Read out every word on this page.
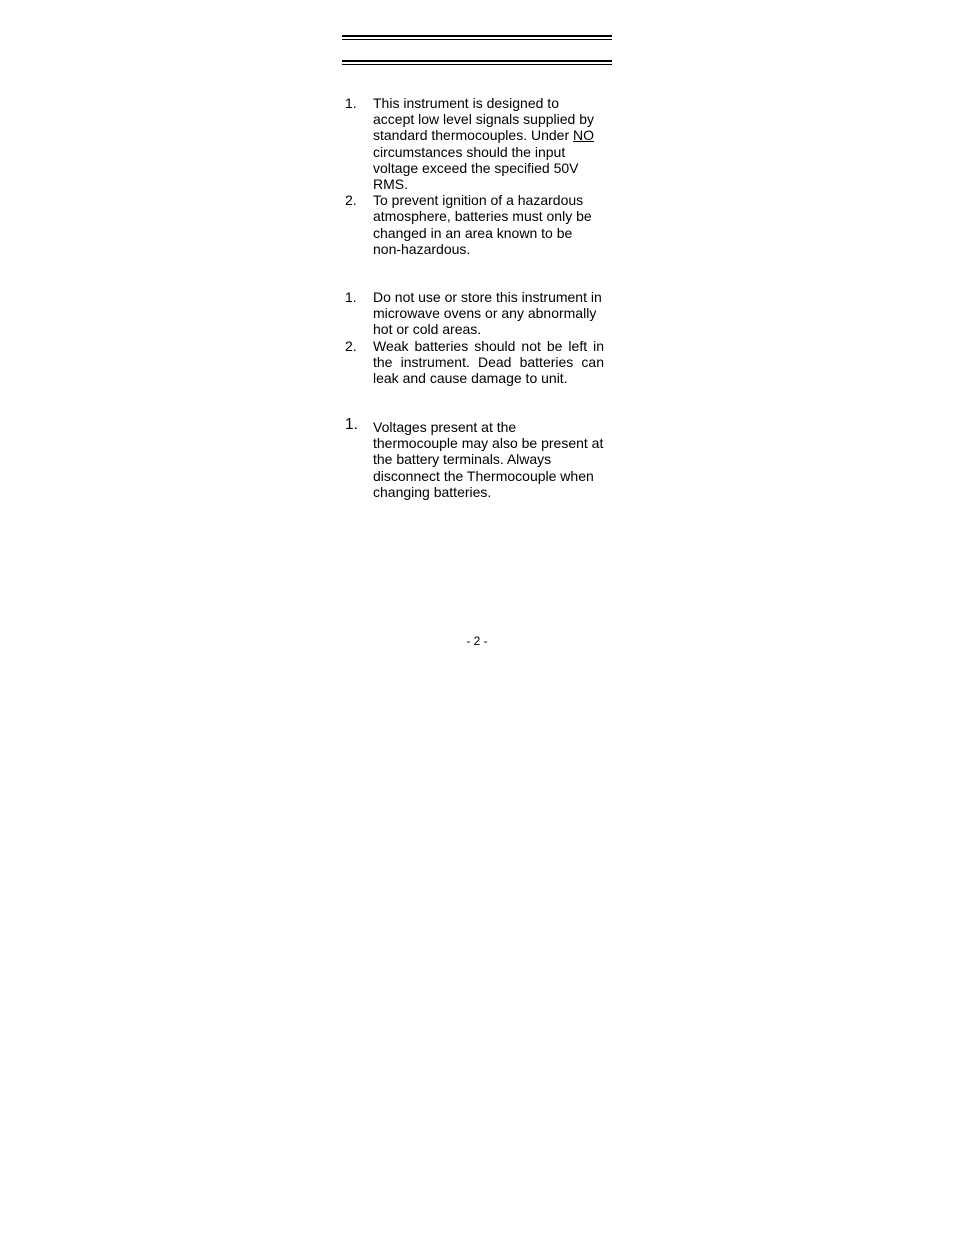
1. This instrument is designed to accept low level signals supplied by standard thermocouples. Under NO circumstances should the input voltage exceed the specified 50V RMS.
2. To prevent ignition of a hazardous atmosphere, batteries must only be changed in an area known to be non-hazardous.
1. Do not use or store this instrument in microwave ovens or any abnormally hot or cold areas.
2. Weak batteries should not be left in the instrument. Dead batteries can leak and cause damage to unit.
1. Voltages present at the thermocouple may also be present at the battery terminals. Always disconnect the Thermocouple when changing batteries.
- 2 -
